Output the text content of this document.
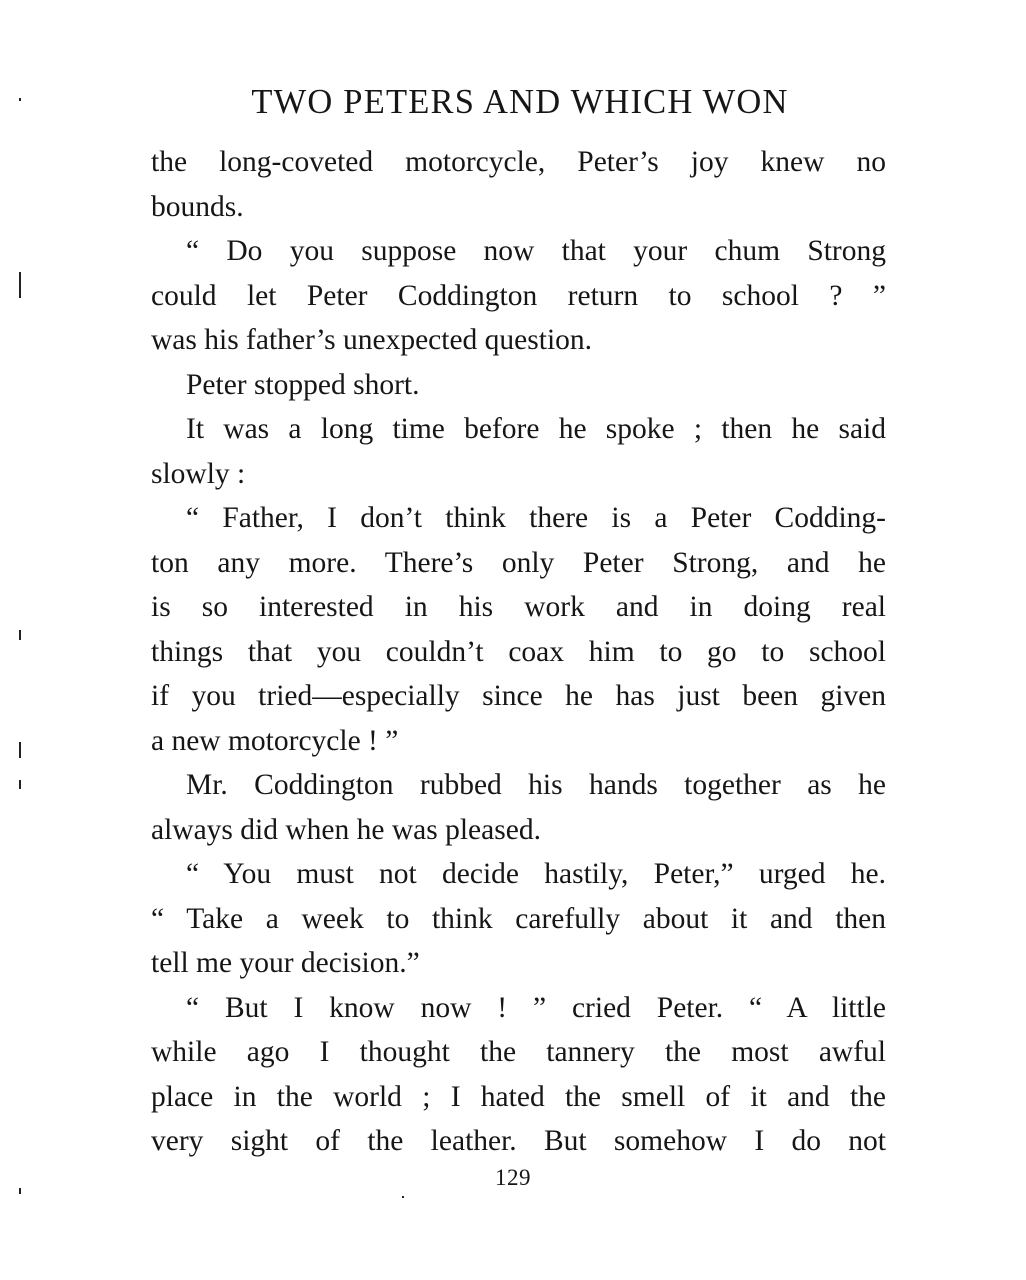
TWO PETERS AND WHICH WON
the long-coveted motorcycle, Peter’s joy knew no
bounds.
“ Do you suppose now that your chum Strong
could let Peter Coddington return to school ? ”
was his father’s unexpected question.
Peter stopped short.
It was a long time before he spoke ; then he said
slowly :
“ Father, I don’t think there is a Peter Codding-
ton any more. There’s only Peter Strong, and he
is so interested in his work and in doing real
things that you couldn’t coax him to go to school
if you tried—especially since he has just been given
a new motorcycle ! ”
Mr. Coddington rubbed his hands together as he
always did when he was pleased.
“ You must not decide hastily, Peter,” urged he.
“ Take a week to think carefully about it and then
tell me your decision.”
“ But I know now ! ” cried Peter. “ A little
while ago I thought the tannery the most awful
place in the world ; I hated the smell of it and the
very sight of the leather. But somehow I do not
129
